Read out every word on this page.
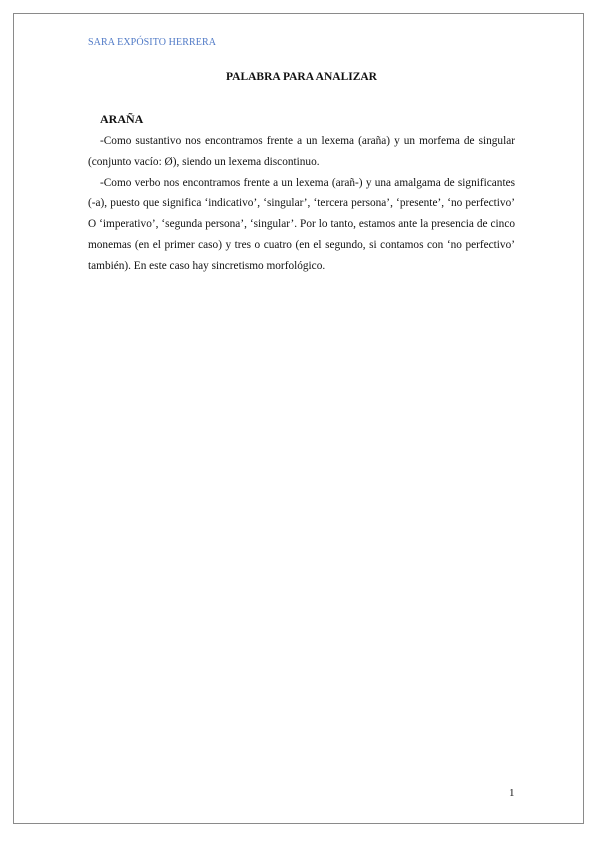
SARA EXPÓSITO HERRERA
PALABRA PARA ANALIZAR
ARAÑA

-Como sustantivo nos encontramos frente a un lexema (araña) y un morfema de singular (conjunto vacío: Ø), siendo un lexema discontinuo.

-Como verbo nos encontramos frente a un lexema (arañ-) y una amalgama de significantes (-a), puesto que significa ‘indicativo’, ‘singular’, ‘tercera persona’, ‘presente’, ‘no perfectivo’ O ‘imperativo’, ‘segunda persona’, ‘singular’. Por lo tanto, estamos ante la presencia de cinco monemas (en el primer caso) y tres o cuatro (en el segundo, si contamos con ‘no perfectivo’ también). En este caso hay sincretismo morfológico.

1
